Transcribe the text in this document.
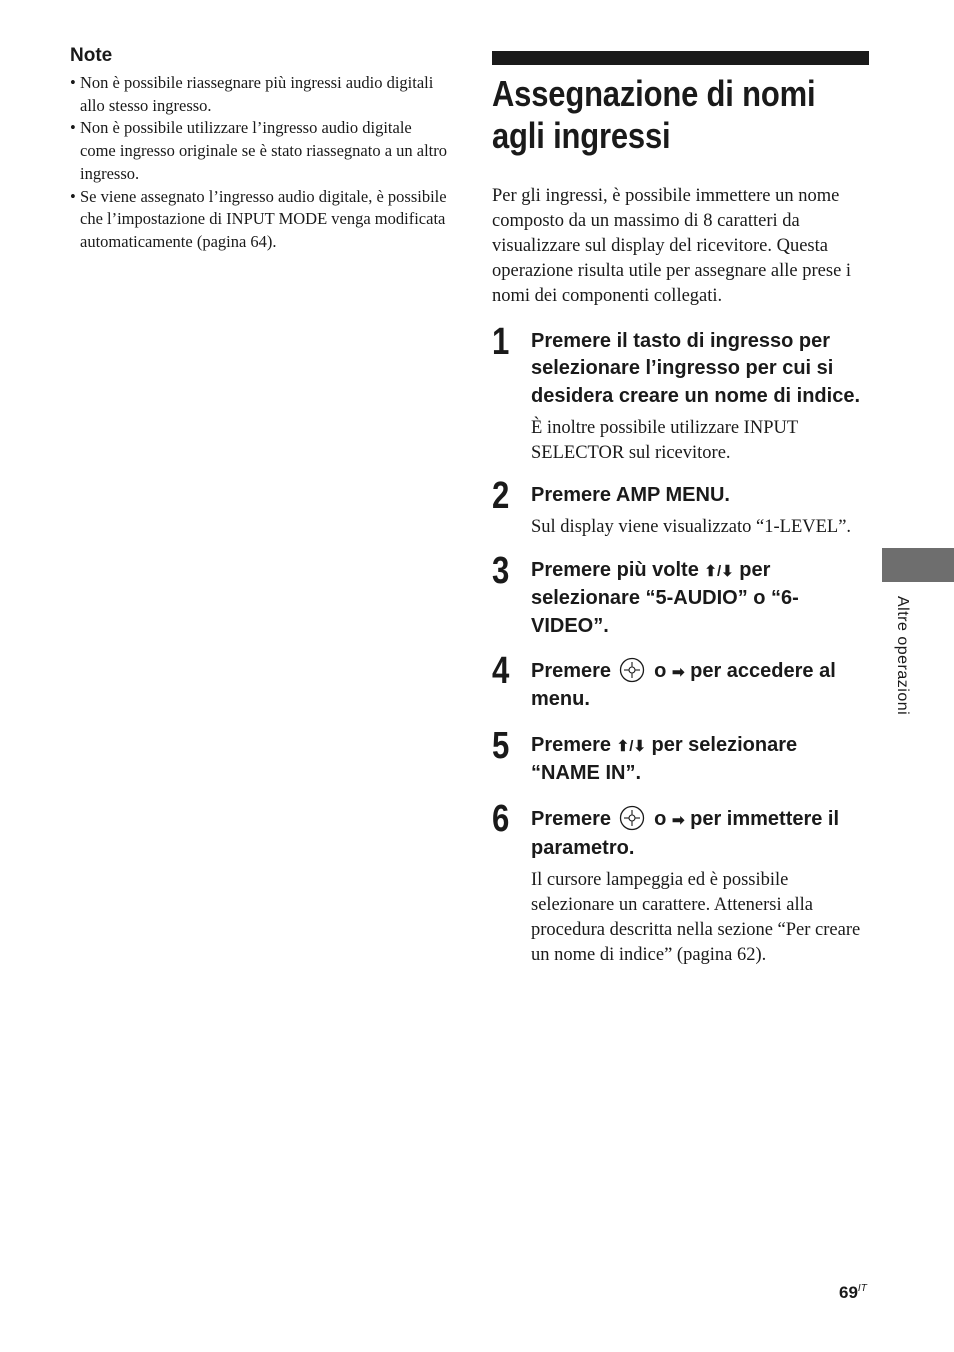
Note
• Non è possibile riassegnare più ingressi audio digitali allo stesso ingresso.
• Non è possibile utilizzare l’ingresso audio digitale come ingresso originale se è stato riassegnato a un altro ingresso.
• Se viene assegnato l’ingresso audio digitale, è possibile che l’impostazione di INPUT MODE venga modificata automaticamente (pagina 64).
Assegnazione di nomi
agli ingressi

Per gli ingressi, è possibile immettere un nome composto da un massimo di 8 caratteri da visualizzare sul display del ricevitore. Questa operazione risulta utile per assegnare alle prese i nomi dei componenti collegati.

1 Premere il tasto di ingresso per selezionare l’ingresso per cui si desidera creare un nome di indice.
È inoltre possibile utilizzare INPUT SELECTOR sul ricevitore.
2 Premere AMP MENU.
Sul display viene visualizzato “1-LEVEL”.
3 Premere più volte ⬆/⬇ per selezionare “5-AUDIO” o “6-VIDEO”.
4 Premere  o ➡ per accedere al menu.
5 Premere ⬆/⬇ per selezionare “NAME IN”.
6 Premere  o ➡ per immettere il parametro.
Il cursore lampeggia ed è possibile selezionare un carattere. Attenersi alla procedura descritta nella sezione “Per creare un nome di indice” (pagina 62).
Altre operazioni
$69^{IT}$
